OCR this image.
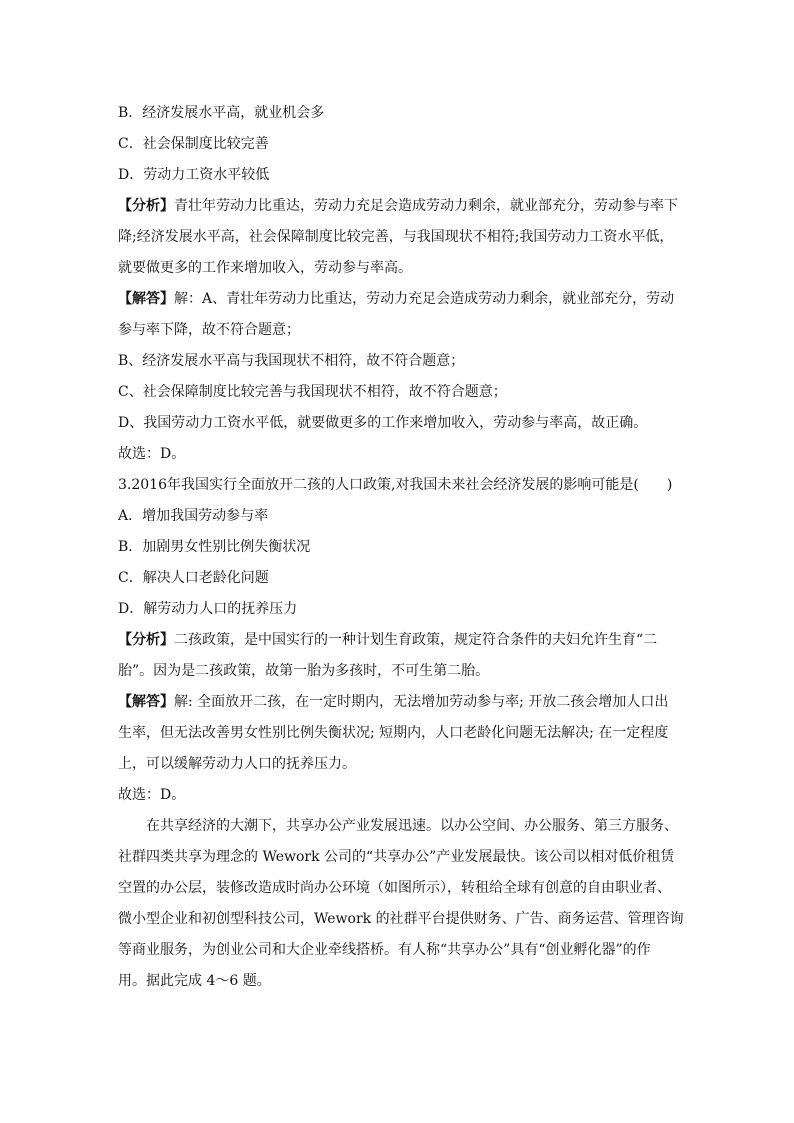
B．经济发展水平高，就业机会多
C．社会保制度比较完善
D．劳动力工资水平较低
【分析】青壮年劳动力比重达，劳动力充足会造成劳动力剩余，就业部充分，劳动参与率下
降;经济发展水平高，社会保障制度比较完善，与我国现状不相符;我国劳动力工资水平低，
就要做更多的工作来增加收入，劳动参与率高。
【解答】解：A、青壮年劳动力比重达，劳动力充足会造成劳动力剩余，就业部充分，劳动
参与率下降，故不符合题意；
B、经济发展水平高与我国现状不相符，故不符合题意；
C、社会保障制度比较完善与我国现状不相符，故不符合题意；
D、我国劳动力工资水平低，就要做更多的工作来增加收入，劳动参与率高，故正确。
故选：D。
3.2016年我国实行全面放开二孩的人口政策,对我国未来社会经济发展的影响可能是(　　)
A．增加我国劳动参与率
B．加剧男女性别比例失衡状况
C．解决人口老龄化问题
D．解劳动力人口的抚养压力
【分析】二孩政策，是中国实行的一种计划生育政策，规定符合条件的夫妇允许生育“二
胎”。因为是二孩政策，故第一胎为多孩时，不可生第二胎。
【解答】解: 全面放开二孩，在一定时期内，无法增加劳动参与率; 开放二孩会增加人口出
生率，但无法改善男女性别比例失衡状况; 短期内，人口老龄化问题无法解决; 在一定程度
上，可以缓解劳动力人口的抚养压力。
故选：D。
在共享经济的大潮下，共享办公产业发展迅速。以办公空间、办公服务、第三方服务、
社群四类共享为理念的 Wework 公司的“共享办公”产业发展最快。该公司以相对低价租赁
空置的办公层，装修改造成时尚办公环境（如图所示），转租给全球有创意的自由职业者、
微小型企业和初创型科技公司，Wework 的社群平台提供财务、广告、商务运营、管理咨询
等商业服务，为创业公司和大企业牵线搭桥。有人称“共享办公”具有“创业孵化器”的作
用。据此完成 4～6 题。
